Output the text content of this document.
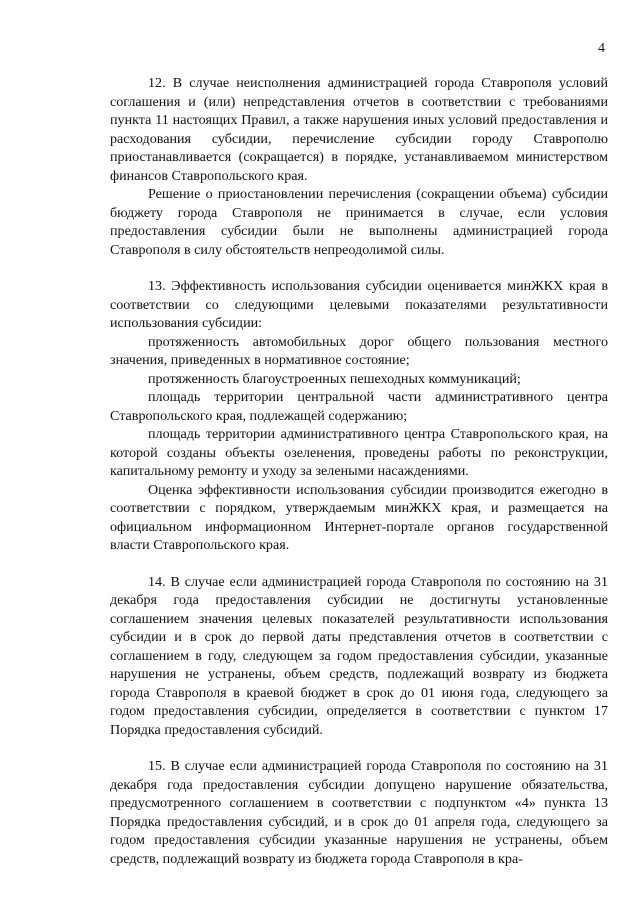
4

12. В случае неисполнения администрацией города Ставрополя условий соглашения и (или) непредставления отчетов в соответствии с требованиями пункта 11 настоящих Правил, а также нарушения иных условий предоставления и расходования субсидии, перечисление субсидии городу Ставрополю приостанавливается (сокращается) в порядке, устанавливаемом министерством финансов Ставропольского края.

Решение о приостановлении перечисления (сокращении объема) субсидии бюджету города Ставрополя не принимается в случае, если условия предоставления субсидии были не выполнены администрацией города Ставрополя в силу обстоятельств непреодолимой силы.

13. Эффективность использования субсидии оценивается минЖКХ края в соответствии со следующими целевыми показателями результативности использования субсидии:

протяженность автомобильных дорог общего пользования местного значения, приведенных в нормативное состояние;

протяженность благоустроенных пешеходных коммуникаций;

площадь территории центральной части административного центра Ставропольского края, подлежащей содержанию;

площадь территории административного центра Ставропольского края, на которой созданы объекты озеленения, проведены работы по реконструкции, капитальному ремонту и уходу за зелеными насаждениями.

Оценка эффективности использования субсидии производится ежегодно в соответствии с порядком, утверждаемым минЖКХ края, и размещается на официальном информационном Интернет-портале органов государственной власти Ставропольского края.

14. В случае если администрацией города Ставрополя по состоянию на 31 декабря года предоставления субсидии не достигнуты установленные соглашением значения целевых показателей результативности использования субсидии и в срок до первой даты представления отчетов в соответствии с соглашением в году, следующем за годом предоставления субсидии, указанные нарушения не устранены, объем средств, подлежащий возврату из бюджета города Ставрополя в краевой бюджет в срок до 01 июня года, следующего за годом предоставления субсидии, определяется в соответствии с пунктом 17 Порядка предоставления субсидий.

15. В случае если администрацией города Ставрополя по состоянию на 31 декабря года предоставления субсидии допущено нарушение обязательства, предусмотренного соглашением в соответствии с подпунктом «4» пункта 13 Порядка предоставления субсидий, и в срок до 01 апреля года, следующего за годом предоставления субсидии указанные нарушения не устранены, объем средств, подлежащий возврату из бюджета города Ставрополя в кра-
